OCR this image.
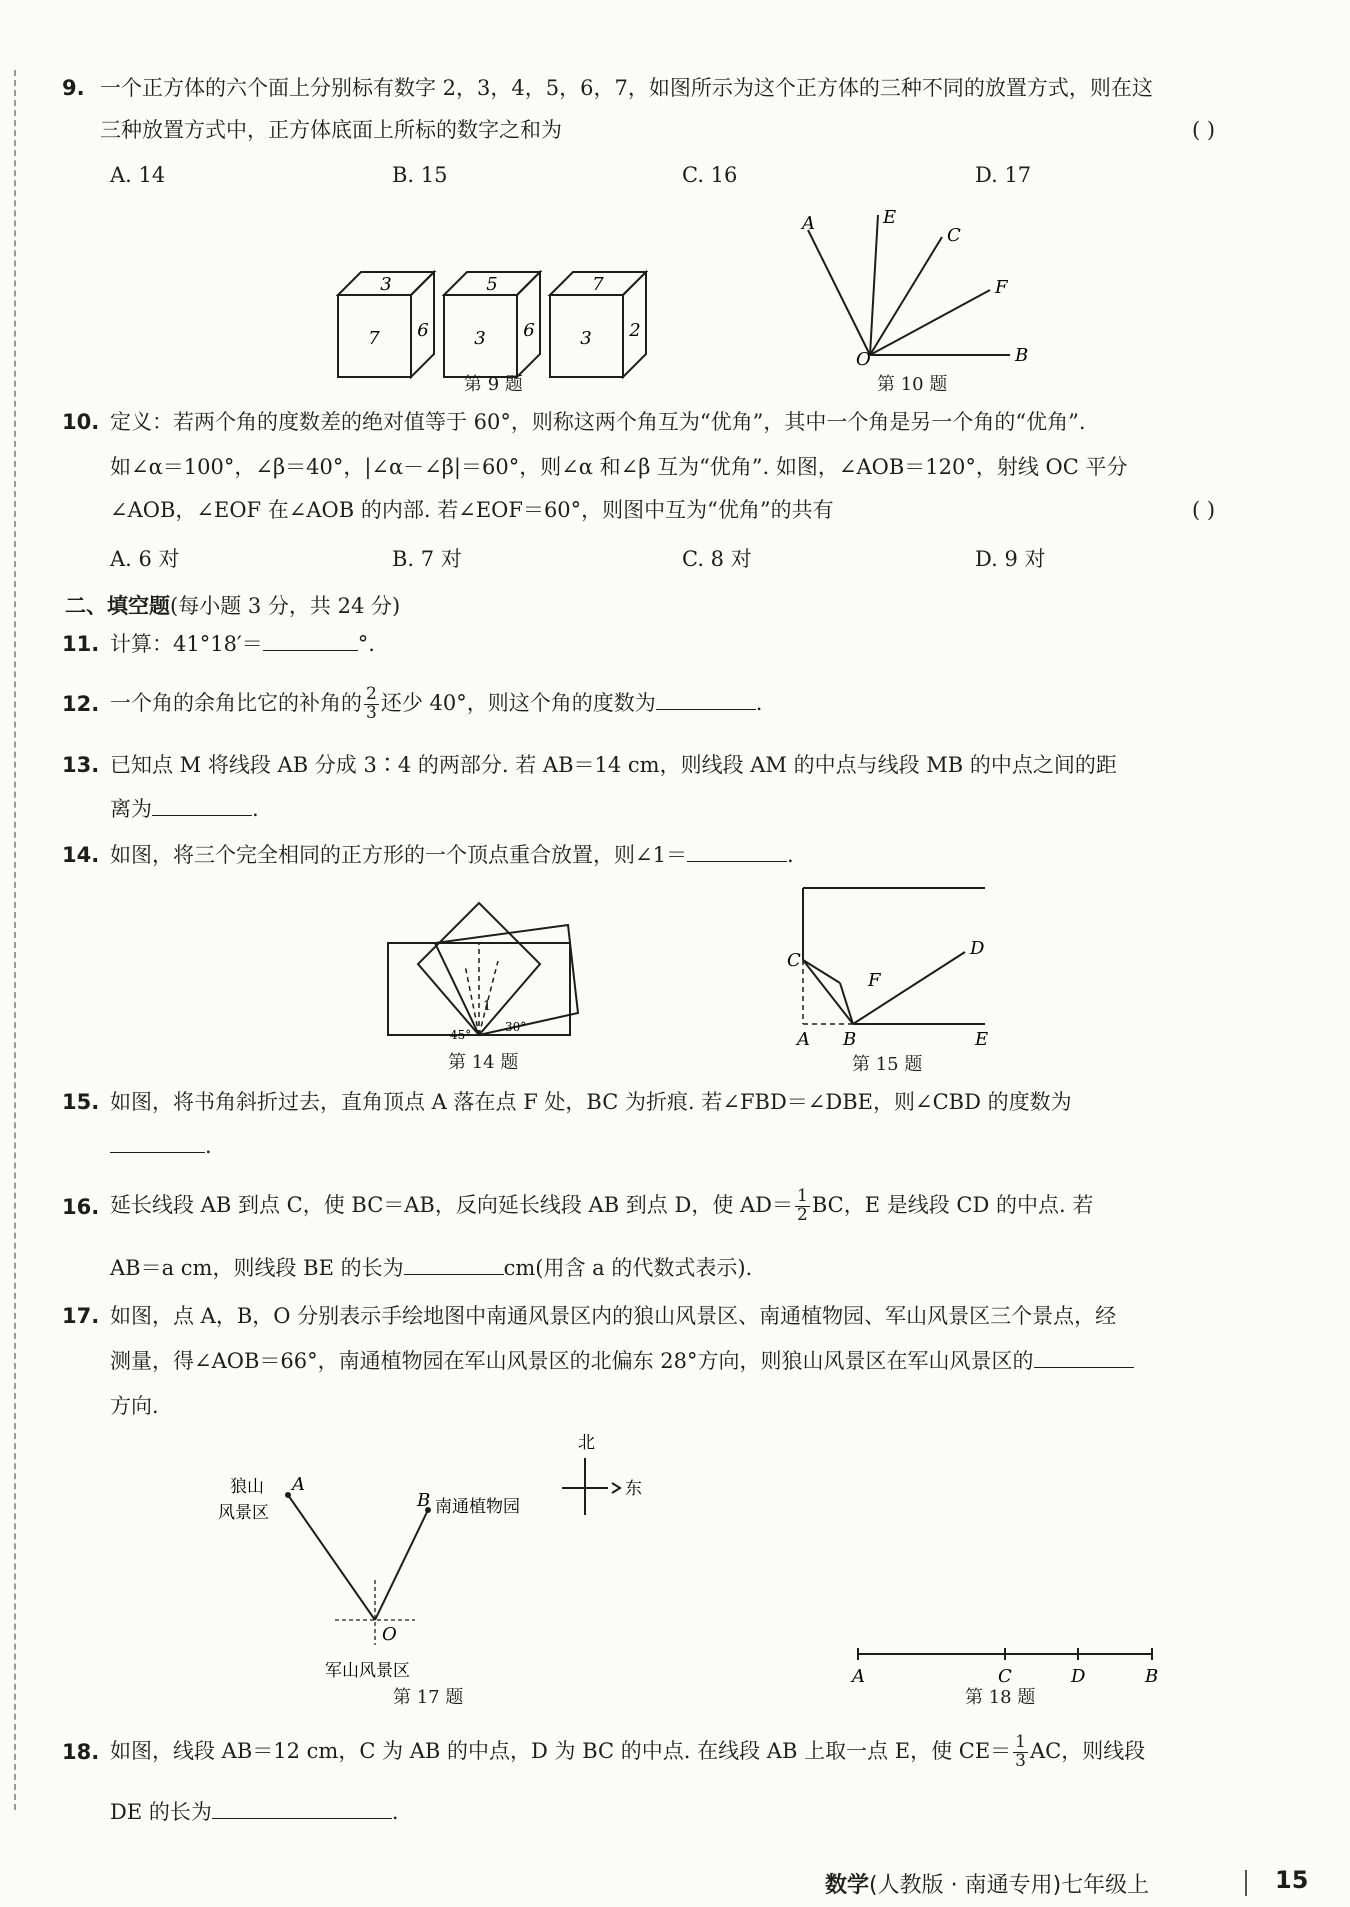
9. 一个正方体的六个面上分别标有数字 2，3，4，5，6，7，如图所示为这个正方体的三种不同的放置方式，则在这
三种放置方式中，正方体底面上所标的数字之和为	( )
A. 14	B. 15	C. 16	D. 17
3
7 6
5
3 6
7
3 2
第 9 题
A	E
C
F
O	B
第 10 题
10. 定义：若两个角的度数差的绝对值等于 60°，则称这两个角互为“优角”，其中一个角是另一个角的“优角”.
如∠α＝100°，∠β＝40°，|∠α－∠β|＝60°，则∠α 和∠β 互为“优角”. 如图，∠AOB＝120°，射线 OC 平分
∠AOB，∠EOF 在∠AOB 的内部. 若∠EOF＝60°，则图中互为“优角”的共有	( )
A. 6 对	B. 7 对	C. 8 对	D. 9 对
二、填空题(每小题 3 分，共 24 分)
11. 计算：41°18′＝	°.
12. 一个角的余角比它的补角的 $\frac{2}{3}$ 还少 40°，则这个角的度数为	.
13. 已知点 M 将线段 AB 分成 3∶4 的两部分. 若 AB＝14 cm，则线段 AM 的中点与线段 MB 的中点之间的距
离为	.
14. 如图，将三个完全相同的正方形的一个顶点重合放置，则∠1＝	.
1
45°
30°
第 14 题
C
D
F
A B	E
第 15 题
15. 如图，将书角斜折过去，直角顶点 A 落在点 F 处，BC 为折痕. 若∠FBD＝∠DBE，则∠CBD 的度数为
.
16. 延长线段 AB 到点 C，使 BC＝AB，反向延长线段 AB 到点 D，使 $AD= \frac{1}{2}$ BC，E 是线段 CD 的中点. 若
AB＝a cm，则线段 BE 的长为	cm(用含 a 的代数式表示).
17. 如图，点 A，B，O 分别表示手绘地图中南通风景区内的狼山风景区、南通植物园、军山风景区三个景点，经
测量，得∠AOB＝66°，南通植物园在军山风景区的北偏东 28°方向，则狼山风景区在军山风景区的
方向.
北
东
狼山
风景区
A
B 南通植物园
O
军山风景区
第 17 题
A	C	D	B
第 18 题
18. 如图，线段 AB＝12 cm，C 为 AB 的中点，D 为 BC 的中点. 在线段 AB 上取一点 E，使 $CE= \frac{1}{3}$ AC，则线段
DE 的长为	.
数学(人教版 · 南通专用)七年级上	15
